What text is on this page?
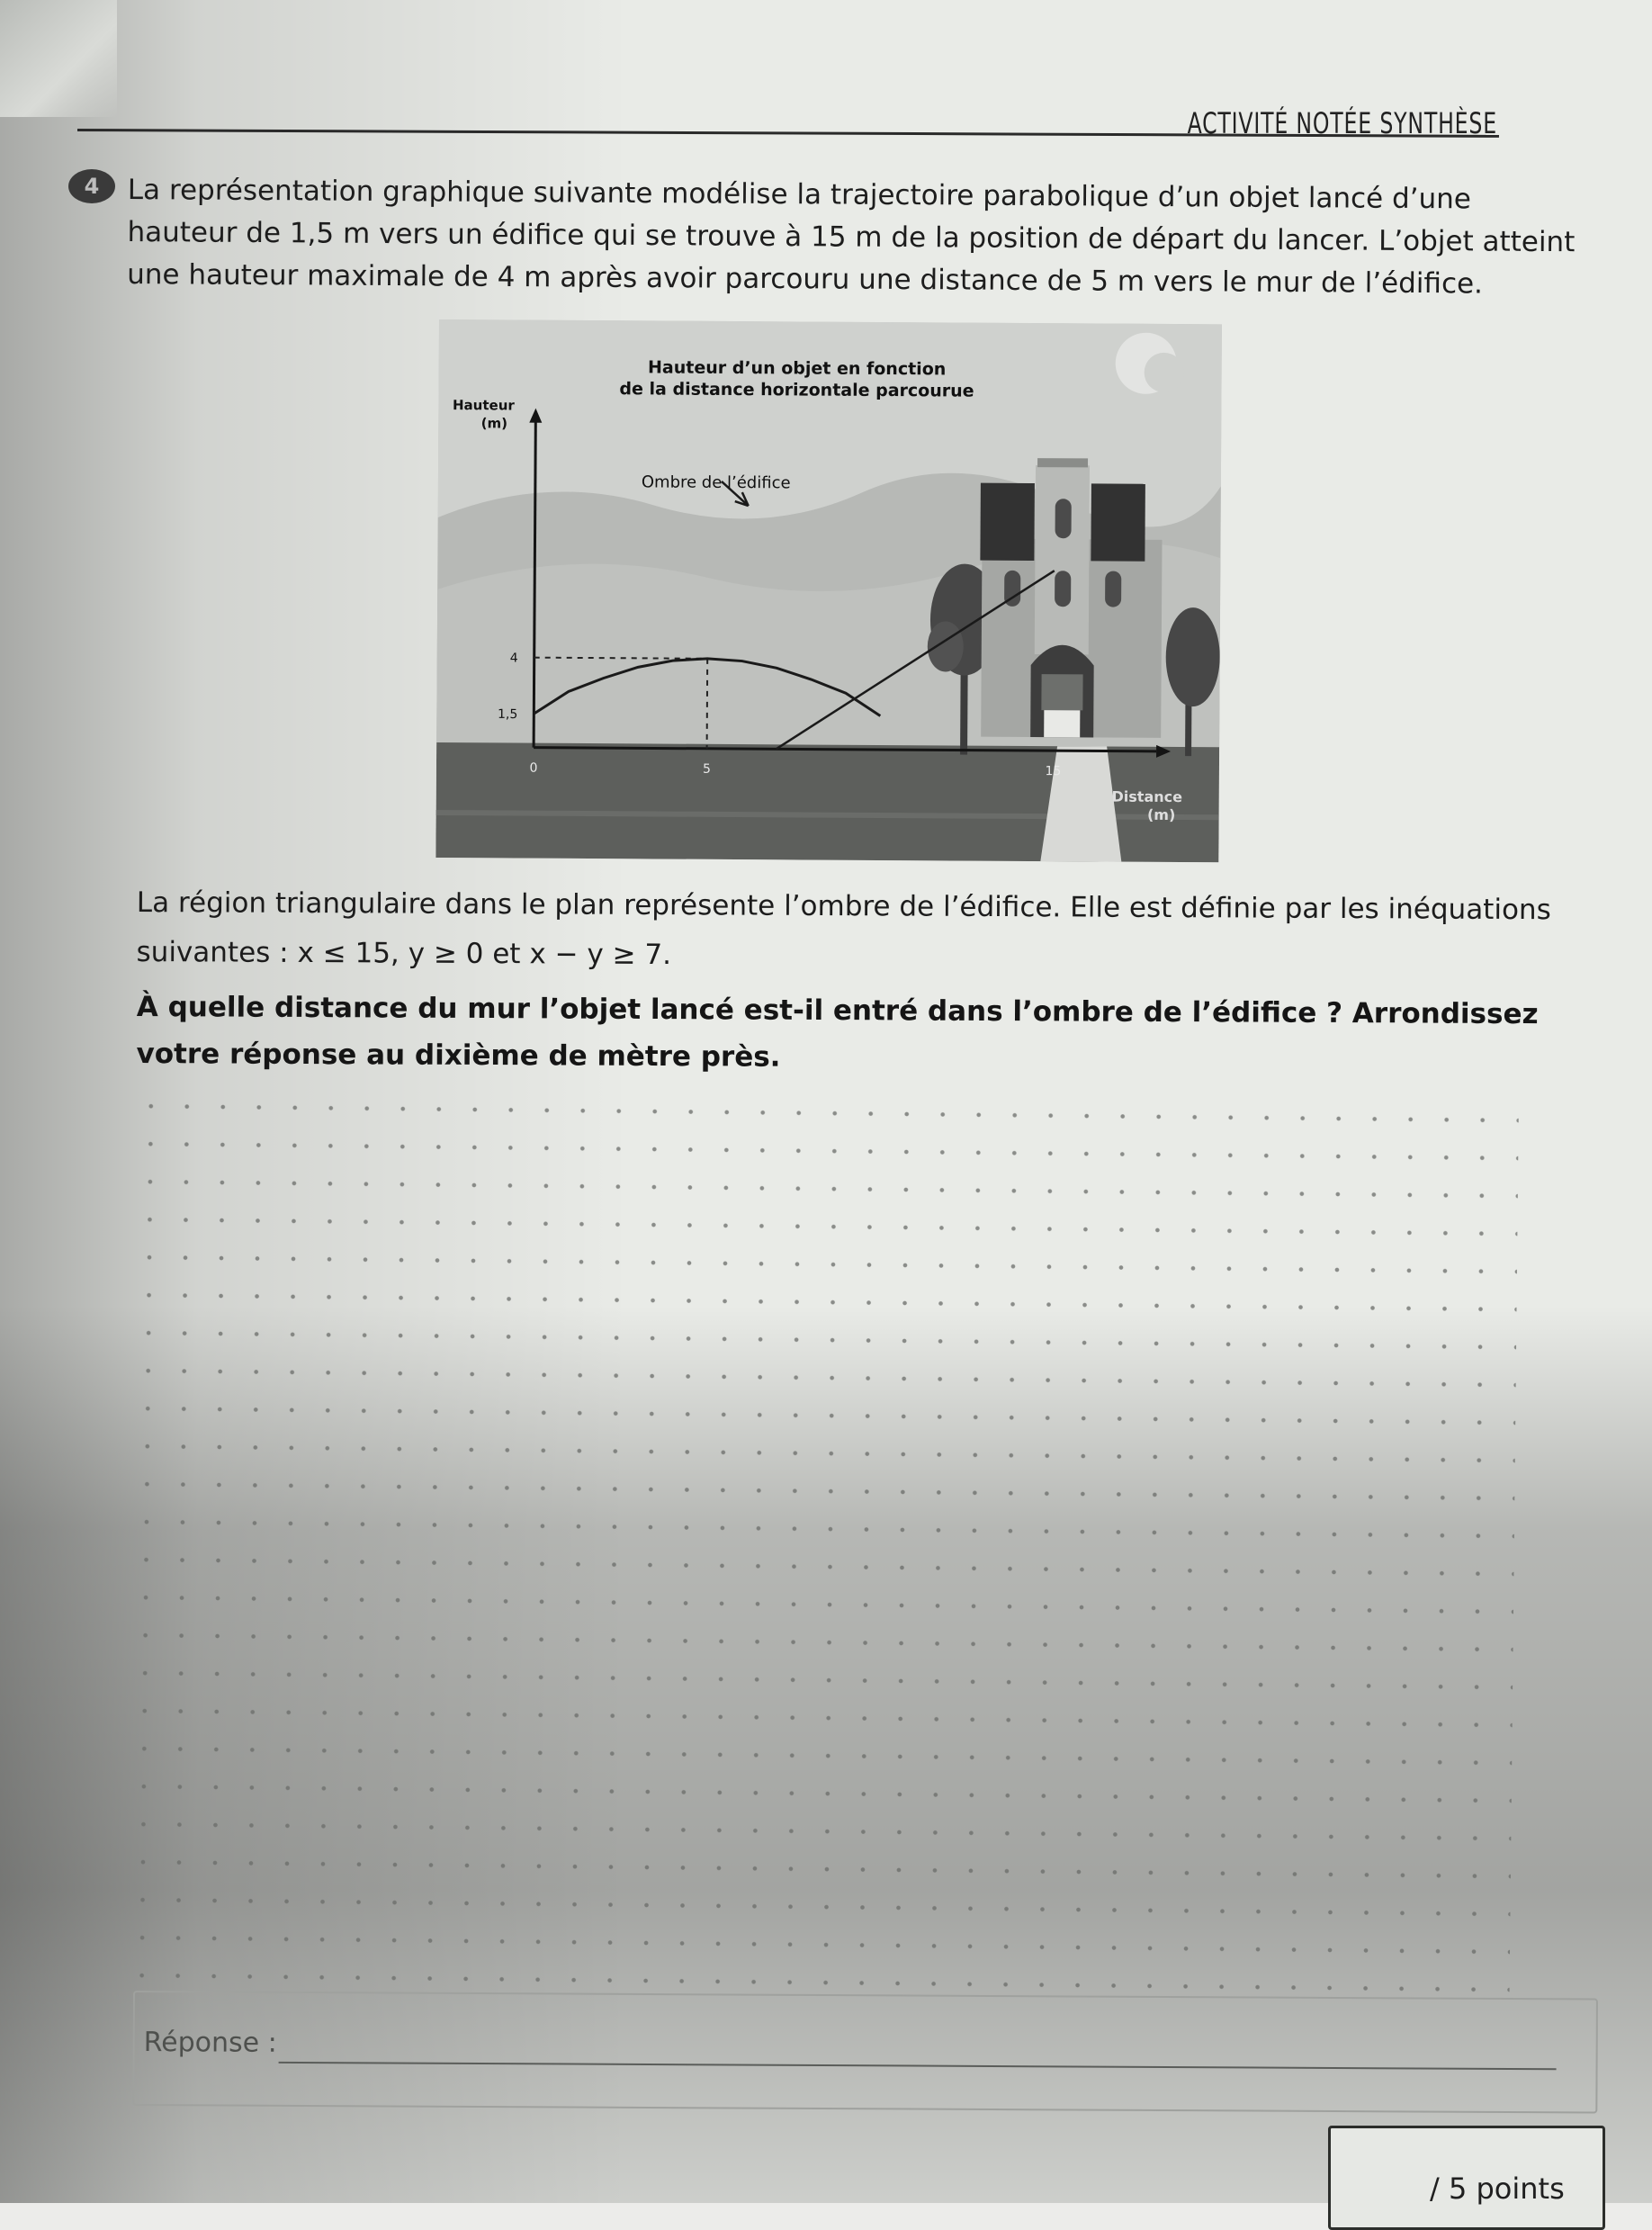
ACTIVITÉ NOTÉE SYNTHÈSE
4	La représentation graphique suivante modélise la trajectoire parabolique d’un objet lancé d’une

hauteur de 1,5 m vers un édifice qui se trouve à 15 m de la position de départ du lancer. L’objet atteint

une hauteur maximale de 4 m après avoir parcouru une distance de 5 m vers le mur de l’édifice.

Hauteur d’un objet en fonction
de la distance horizontale parcourue
Hauteur
(m)
Ombre de l’édifice
4
1,5
0	5	15
Distance
(m)

La région triangulaire dans le plan représente l’ombre de l’édifice. Elle est définie par les inéquations

suivantes : x ≤ 15, y ≥ 0 et x − y ≥ 7.

À quelle distance du mur l’objet lancé est-il entré dans l’ombre de l’édifice ? Arrondissez

votre réponse au dixième de mètre près.

Réponse :
/ 5 points
